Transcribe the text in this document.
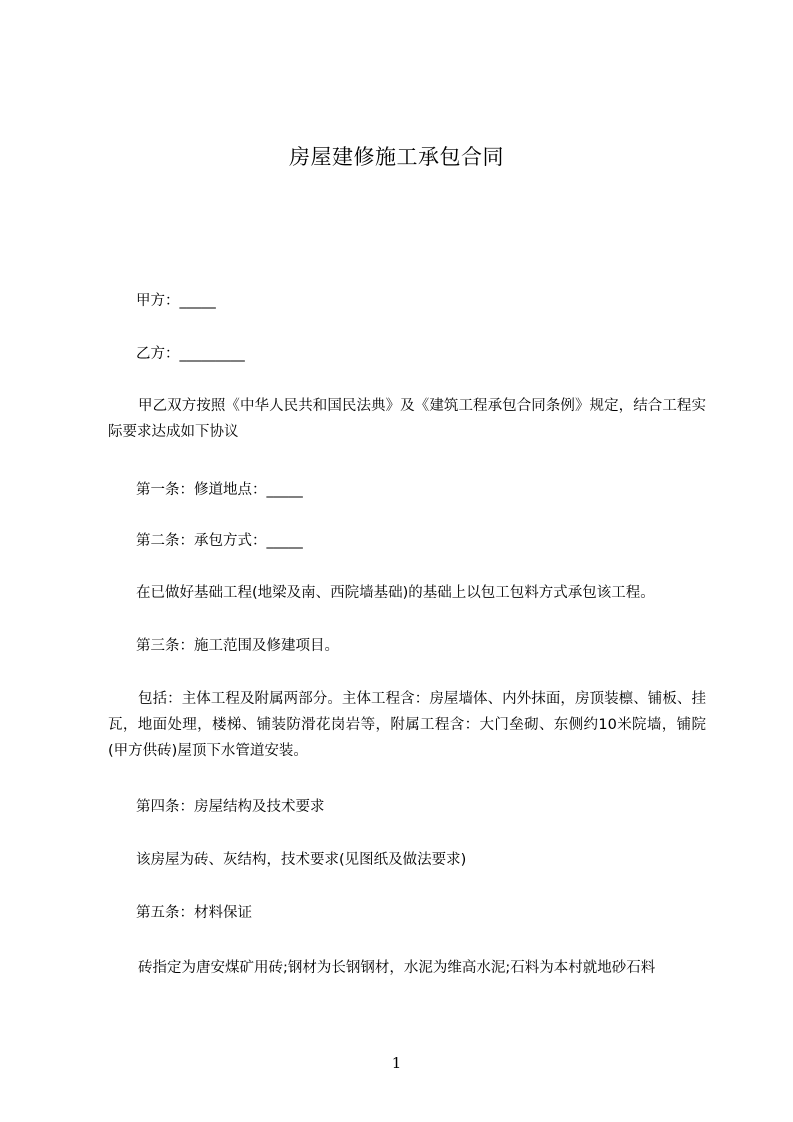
房屋建修施工承包合同
甲方：_____
乙方：_________
甲乙双方按照《中华人民共和国民法典》及《建筑工程承包合同条例》规定，结合工程实际要求达成如下协议
第一条：修道地点：_____
第二条：承包方式：_____
在已做好基础工程(地梁及南、西院墙基础)的基础上以包工包料方式承包该工程。
第三条：施工范围及修建项目。
包括：主体工程及附属两部分。主体工程含：房屋墙体、内外抹面，房顶装檩、铺板、挂瓦，地面处理，楼梯、铺装防滑花岗岩等，附属工程含：大门垒砌、东侧约10米院墙，铺院(甲方供砖)屋顶下水管道安装。
第四条：房屋结构及技术要求
该房屋为砖、灰结构，技术要求(见图纸及做法要求)
第五条：材料保证
砖指定为唐安煤矿用砖;钢材为长钢钢材，水泥为维高水泥;石料为本村就地砂石料
1
